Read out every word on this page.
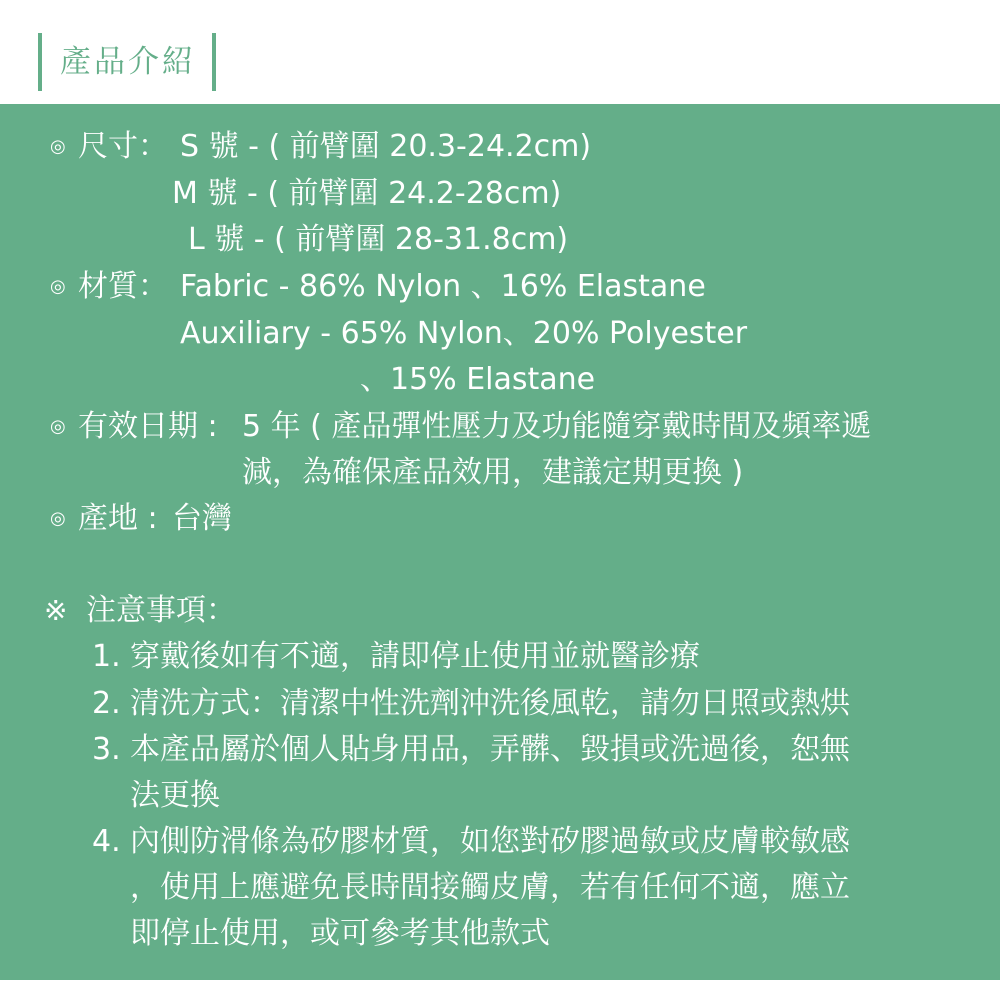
產品介紹
◎ 尺寸： S 號 - ( 前臂圍 20.3-24.2cm)
M 號 - ( 前臂圍 24.2-28cm)
L 號 - ( 前臂圍 28-31.8cm)
◎ 材質： Fabric - 86% Nylon 、16% Elastane
Auxiliary - 65% Nylon、20% Polyester
、15% Elastane
◎ 有效日期 : 5 年 ( 產品彈性壓力及功能隨穿戴時間及頻率遞
減，為確保產品效用，建議定期更換 )
◎ 產地 : 台灣
※ 注意事項：
1. 穿戴後如有不適，請即停止使用並就醫診療
2. 清洗方式：清潔中性洗劑沖洗後風乾，請勿日照或熱烘
3. 本產品屬於個人貼身用品，弄髒、毀損或洗過後，恕無
法更換
4. 內側防滑條為矽膠材質，如您對矽膠過敏或皮膚較敏感
，使用上應避免長時間接觸皮膚，若有任何不適，應立
即停止使用，或可參考其他款式
